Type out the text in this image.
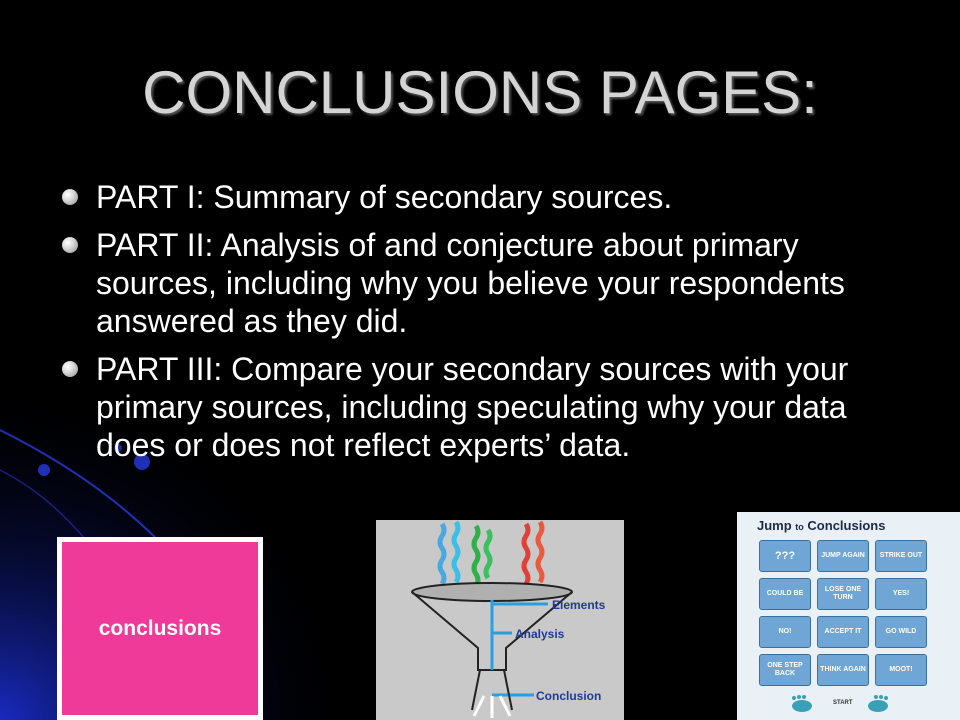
CONCLUSIONS PAGES:
PART I: Summary of secondary sources.
PART II: Analysis of and conjecture about primary sources, including why you believe your respondents answered as they did.
PART III: Compare your secondary sources with your primary sources, including speculating why your data does or does not reflect experts’ data.
conclusions
Elements
Analysis
Conclusion
Jump to Conclusions
???	JUMP AGAIN	STRIKE OUT
COULD BE
LOSE ONE TURN
YES!
NO!	ACCEPT IT	GO WILD
ONE STEP BACK
THINK AGAIN	MOOT!
START
